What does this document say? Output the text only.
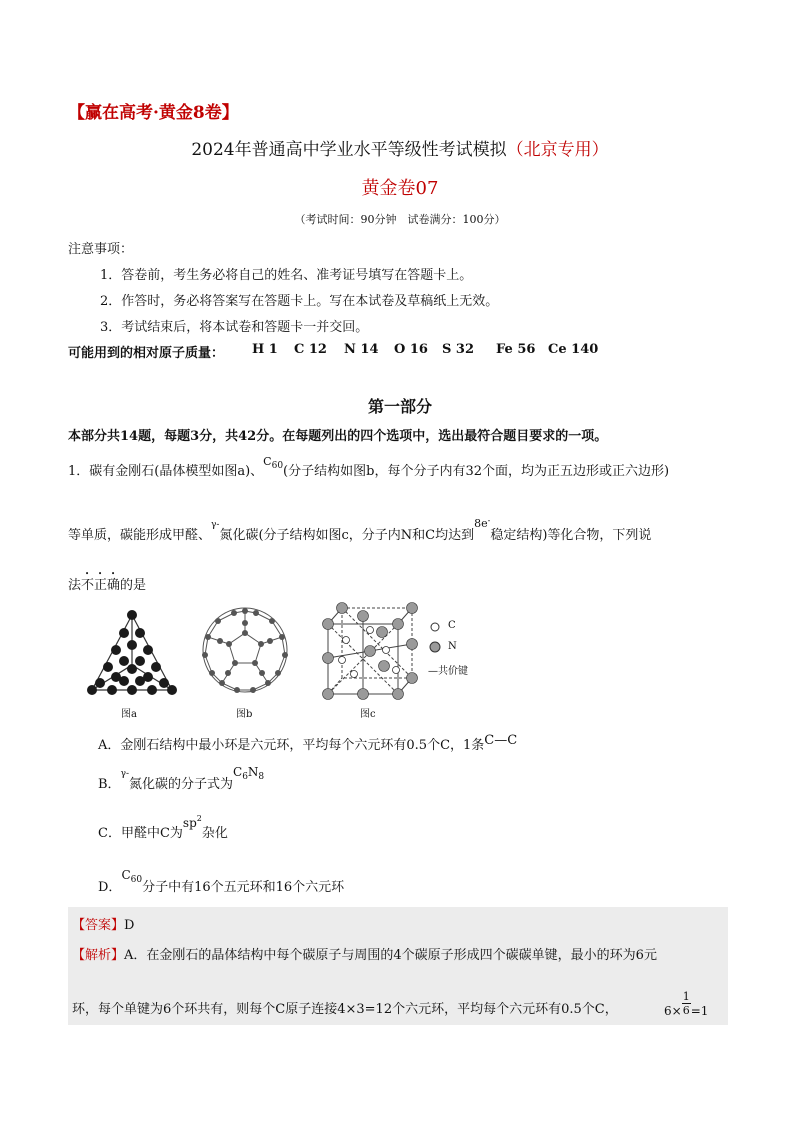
【赢在高考·黄金8卷】
2024年普通高中学业水平等级性考试模拟（北京专用）
黄金卷07
（考试时间：90分钟　试卷满分：100分）
注意事项：
1．答卷前，考生务必将自己的姓名、准考证号填写在答题卡上。
2．作答时，务必将答案写在答题卡上。写在本试卷及草稿纸上无效。
3．考试结束后，将本试卷和答题卡一并交回。
可能用到的相对原子质量： H 1 C 12 N 14 O 16 S 32 Fe 56 Ce 140
第一部分
本部分共14题，每题3分，共42分。在每题列出的四个选项中，选出最符合题目要求的一项。
1．碳有金刚石(晶体模型如图a)、$C_{60}$(分子结构如图b，每个分子内有32个面，均为正五边形或正六边形)
等单质，碳能形成甲醛、γ-氮化碳(分子结构如图c，分子内N和C均达到8e-稳定结构)等化合物，下列说
法不正确的是
图a	图b	图c
C
N
—共价键
A．金刚石结构中最小环是六元环，平均每个六元环有0.5个C，1条C—C
B．γ-氮化碳的分子式为$C_6N_8$
C．甲醛中C为$sp^2$杂化
D．$C_{60}$分子中有16个五元环和16个六元环
【答案】D
【解析】A．在金刚石的晶体结构中每个碳原子与周围的4个碳原子形成四个碳碳单键，最小的环为6元
环，每个单键为6个环共有，则每个C原子连接4×3=12个六元环，平均每个六元环有0.5个C，	$6\times \frac{1}{6} =1$
